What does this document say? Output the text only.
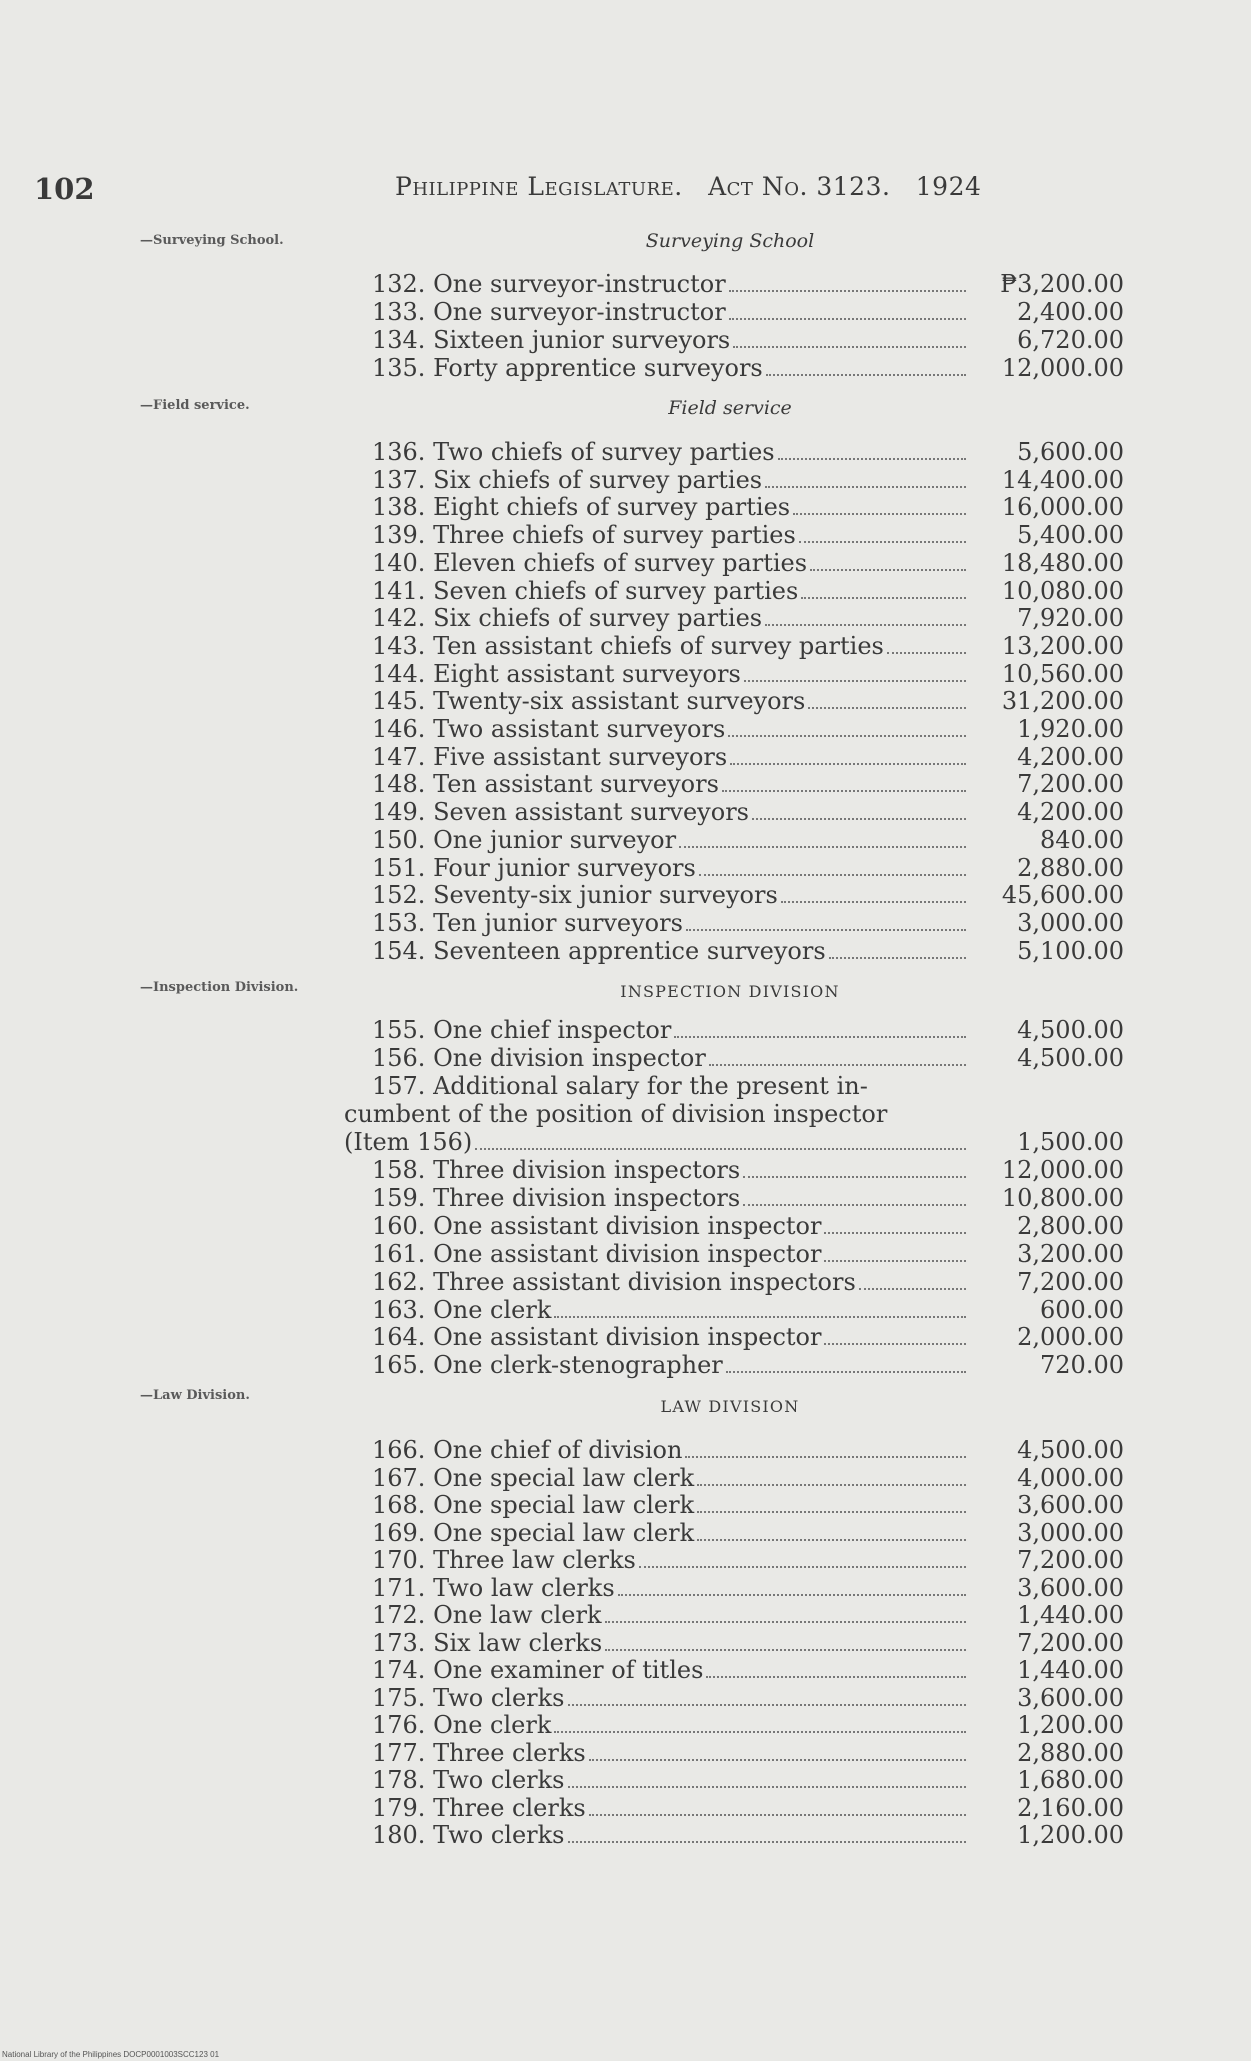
102	Philippine Legislature. Act No. 3123. 1924
—Surveying School.	Surveying School
132. One surveyor-instructor	₱3,200.00
133. One surveyor-instructor	2,400.00
134. Sixteen junior surveyors	6,720.00
135. Forty apprentice surveyors	12,000.00
—Field service.	Field service
136. Two chiefs of survey parties	5,600.00
137. Six chiefs of survey parties	14,400.00
138. Eight chiefs of survey parties	16,000.00
139. Three chiefs of survey parties	5,400.00
140. Eleven chiefs of survey parties	18,480.00
141. Seven chiefs of survey parties	10,080.00
142. Six chiefs of survey parties	7,920.00
143. Ten assistant chiefs of survey parties	13,200.00
144. Eight assistant surveyors	10,560.00
145. Twenty-six assistant surveyors	31,200.00
146. Two assistant surveyors	1,920.00
147. Five assistant surveyors	4,200.00
148. Ten assistant surveyors	7,200.00
149. Seven assistant surveyors	4,200.00
150. One junior surveyor	840.00
151. Four junior surveyors	2,880.00
152. Seventy-six junior surveyors	45,600.00
153. Ten junior surveyors	3,000.00
154. Seventeen apprentice surveyors	5,100.00
—Inspection Division.	INSPECTION DIVISION
155. One chief inspector	4,500.00
156. One division inspector	4,500.00
157. Additional salary for the present in-
cumbent of the position of division inspector
(Item 156)	1,500.00
158. Three division inspectors	12,000.00
159. Three division inspectors	10,800.00
160. One assistant division inspector	2,800.00
161. One assistant division inspector	3,200.00
162. Three assistant division inspectors	7,200.00
163. One clerk	600.00
164. One assistant division inspector	2,000.00
165. One clerk-stenographer	720.00
—Law Division.
LAW DIVISION
166. One chief of division	4,500.00
167. One special law clerk	4,000.00
168. One special law clerk	3,600.00
169. One special law clerk	3,000.00
170. Three law clerks	7,200.00
171. Two law clerks	3,600.00
172. One law clerk	1,440.00
173. Six law clerks	7,200.00
174. One examiner of titles	1,440.00
175. Two clerks	3,600.00
176. One clerk	1,200.00
177. Three clerks	2,880.00
178. Two clerks	1,680.00
179. Three clerks	2,160.00
180. Two clerks	1,200.00
National Library of the Philippines DOCP0001003SCC123 01
